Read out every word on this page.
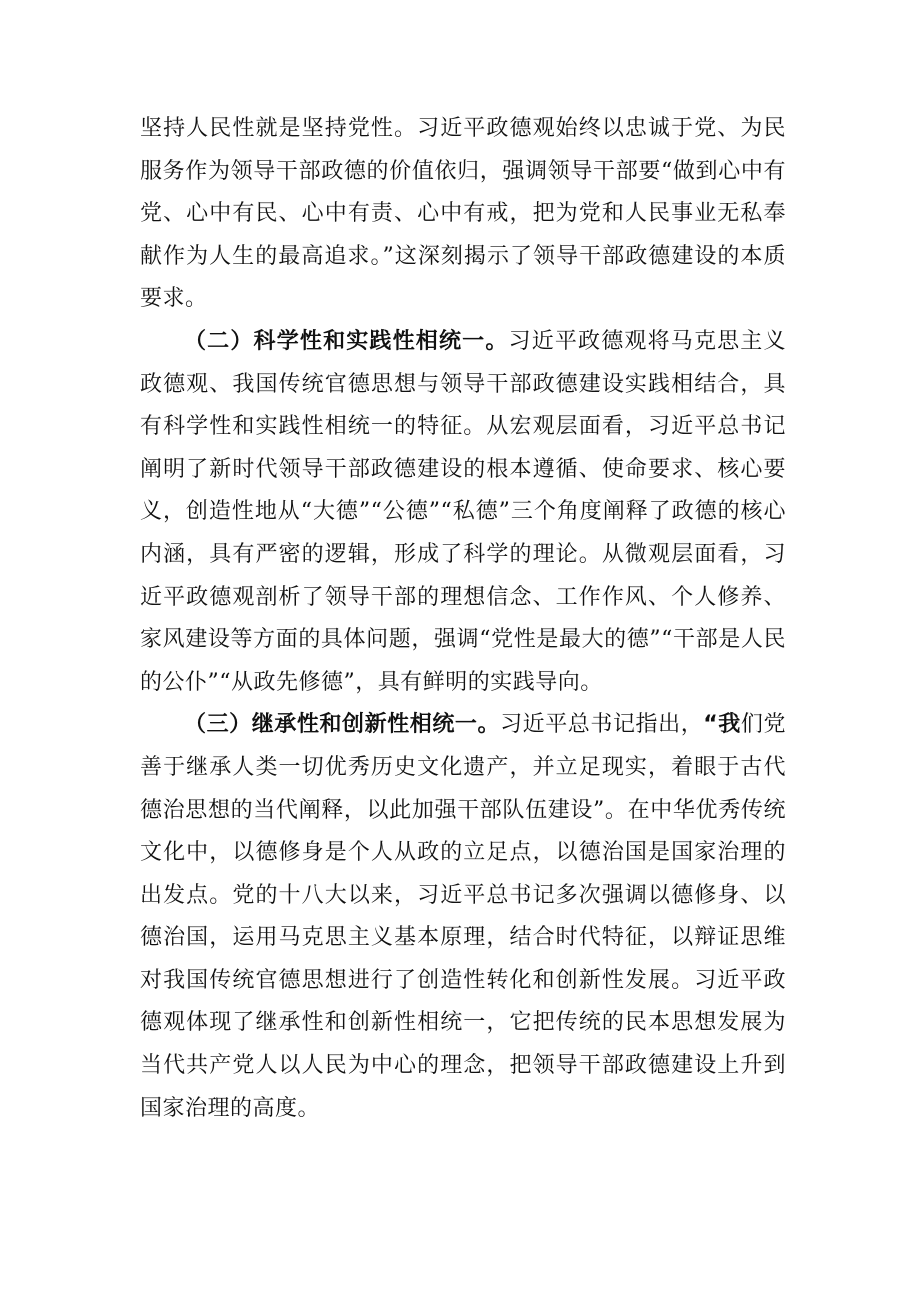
坚持人民性就是坚持党性。习近平政德观始终以忠诚于党、为民服务作为领导干部政德的价值依归，强调领导干部要“做到心中有党、心中有民、心中有责、心中有戒，把为党和人民事业无私奉献作为人生的最高追求。”这深刻揭示了领导干部政德建设的本质要求。

（二）科学性和实践性相统一。习近平政德观将马克思主义政德观、我国传统官德思想与领导干部政德建设实践相结合，具有科学性和实践性相统一的特征。从宏观层面看，习近平总书记阐明了新时代领导干部政德建设的根本遵循、使命要求、核心要义，创造性地从“大德”“公德”“私德”三个角度阐释了政德的核心内涵，具有严密的逻辑，形成了科学的理论。从微观层面看，习近平政德观剖析了领导干部的理想信念、工作作风、个人修养、家风建设等方面的具体问题，强调“党性是最大的德”“干部是人民的公仆”“从政先修德”，具有鲜明的实践导向。

（三）继承性和创新性相统一。习近平总书记指出，“我们党善于继承人类一切优秀历史文化遗产，并立足现实，着眼于古代德治思想的当代阐释，以此加强干部队伍建设”。在中华优秀传统文化中，以德修身是个人从政的立足点，以德治国是国家治理的出发点。党的十八大以来，习近平总书记多次强调以德修身、以德治国，运用马克思主义基本原理，结合时代特征，以辩证思维对我国传统官德思想进行了创造性转化和创新性发展。习近平政德观体现了继承性和创新性相统一，它把传统的民本思想发展为当代共产党人以人民为中心的理念，把领导干部政德建设上升到国家治理的高度。
